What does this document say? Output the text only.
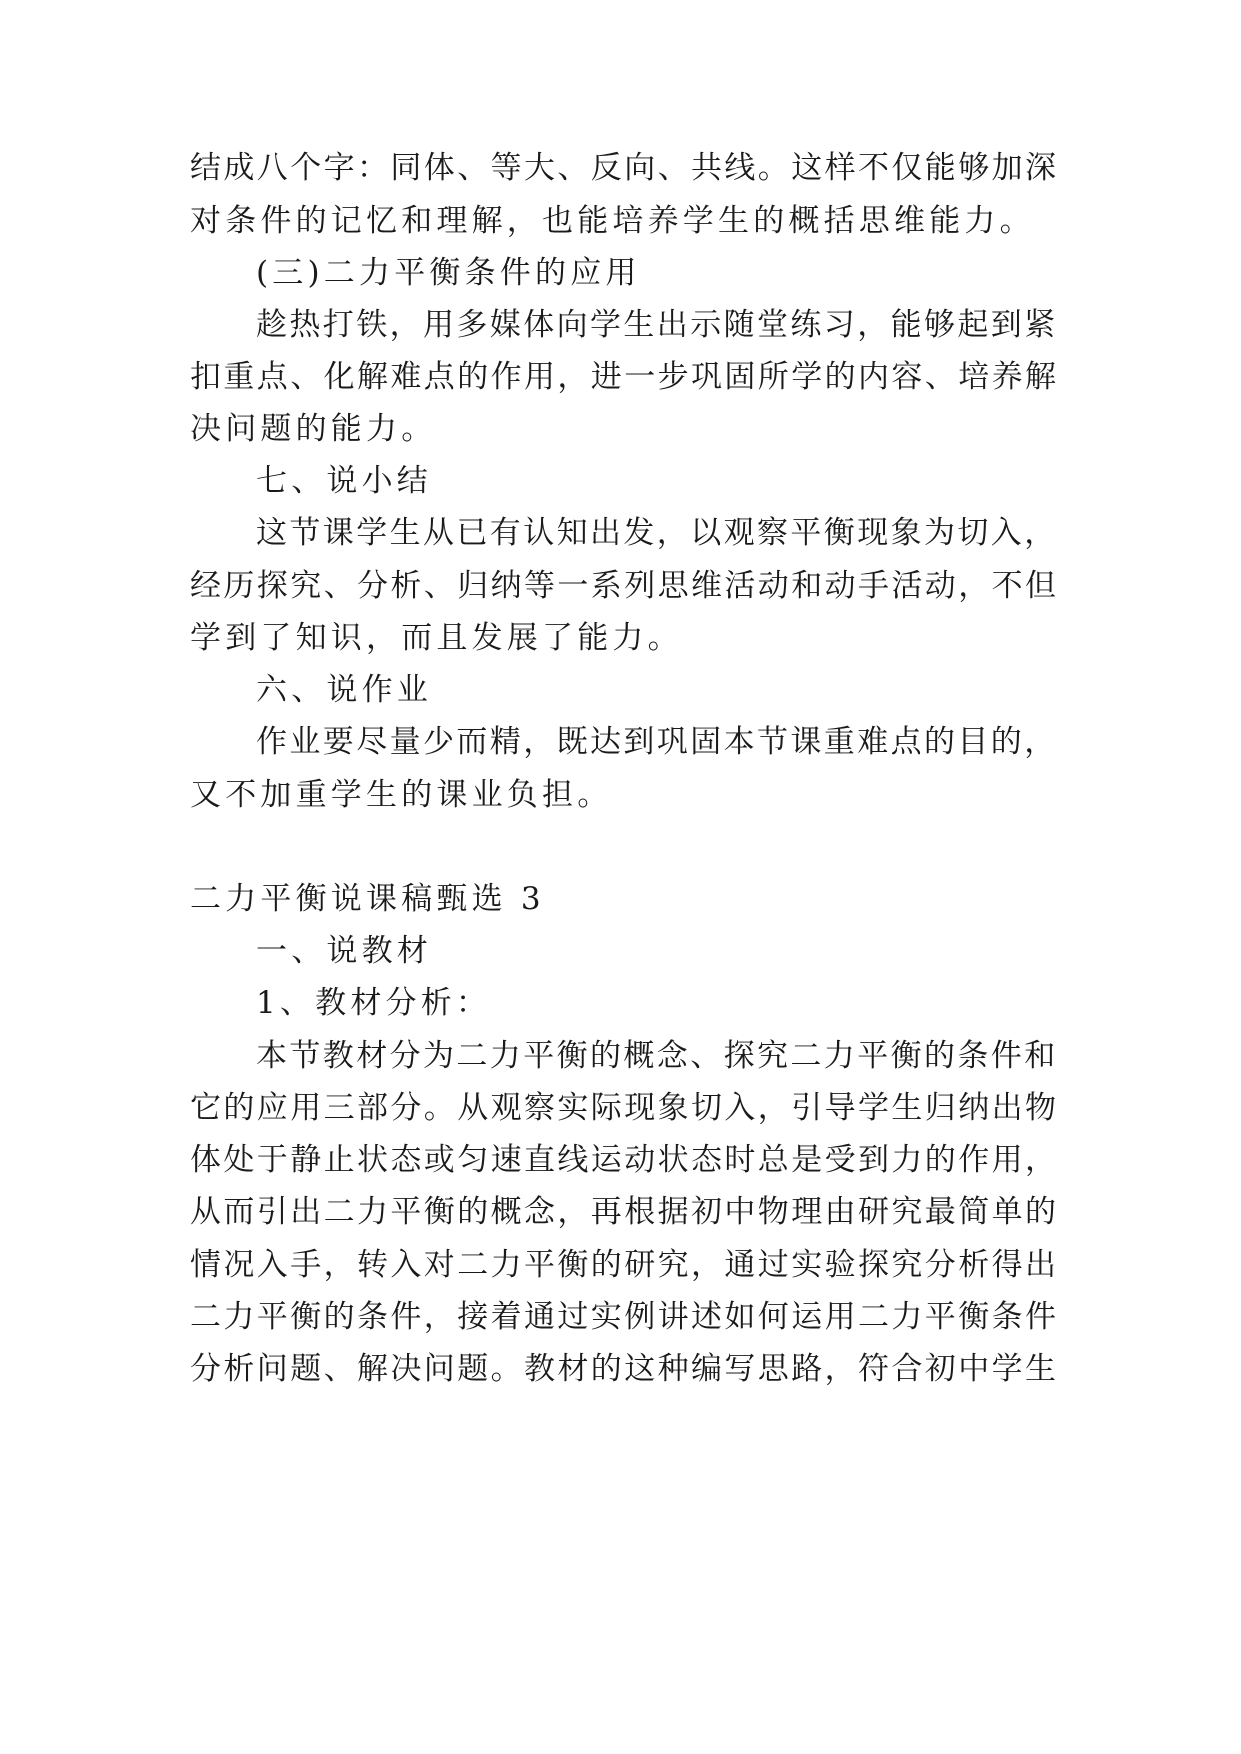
结成八个字：同体、等大、反向、共线。这样不仅能够加深
对条件的记忆和理解，也能培养学生的概括思维能力。
(三)二力平衡条件的应用
趁热打铁，用多媒体向学生出示随堂练习，能够起到紧
扣重点、化解难点的作用，进一步巩固所学的内容、培养解
决问题的能力。
七、说小结
这节课学生从已有认知出发，以观察平衡现象为切入，
经历探究、分析、归纳等一系列思维活动和动手活动，不但
学到了知识，而且发展了能力。
六、说作业
作业要尽量少而精，既达到巩固本节课重难点的目的，
又不加重学生的课业负担。
二力平衡说课稿甄选 3
一、说教材
1、教材分析：
本节教材分为二力平衡的概念、探究二力平衡的条件和
它的应用三部分。从观察实际现象切入，引导学生归纳出物
体处于静止状态或匀速直线运动状态时总是受到力的作用，
从而引出二力平衡的概念，再根据初中物理由研究最简单的
情况入手，转入对二力平衡的研究，通过实验探究分析得出
二力平衡的条件，接着通过实例讲述如何运用二力平衡条件
分析问题、解决问题。教材的这种编写思路，符合初中学生
